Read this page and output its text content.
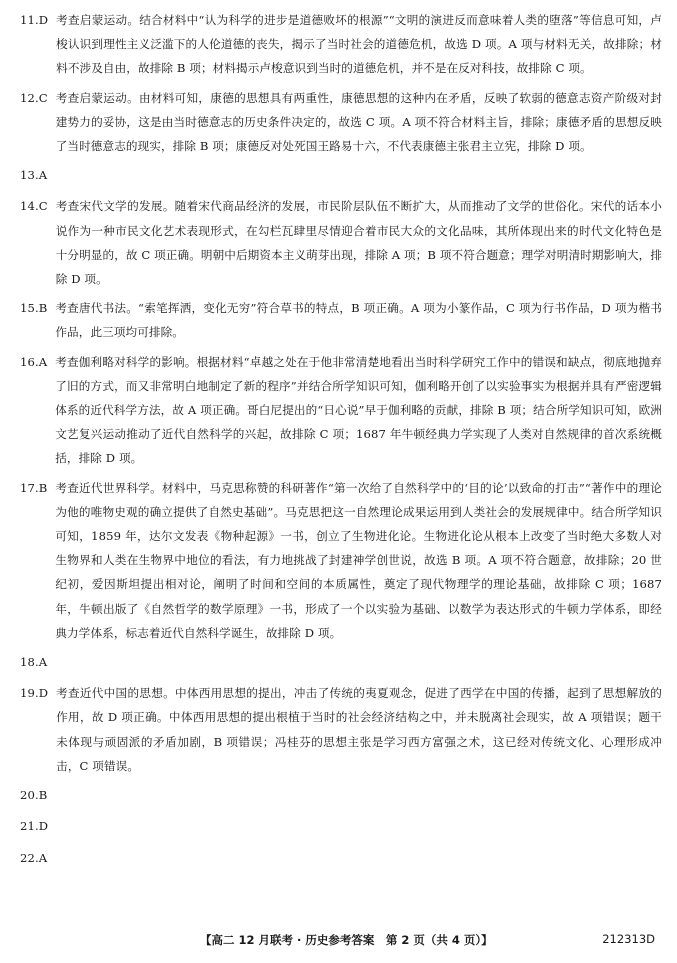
11.D 考查启蒙运动。结合材料中“认为科学的进步是道德败坏的根源”“文明的演进反而意味着人类的堕落”等信息可知，卢梭认识到理性主义泛滥下的人伦道德的丧失，揭示了当时社会的道德危机，故选 D 项。A 项与材料无关，故排除；材料不涉及自由，故排除 B 项；材料揭示卢梭意识到当时的道德危机，并不是在反对科技，故排除 C 项。
12.C 考查启蒙运动。由材料可知，康德的思想具有两重性，康德思想的这种内在矛盾，反映了软弱的德意志资产阶级对封建势力的妥协，这是由当时德意志的历史条件决定的，故选 C 项。A 项不符合材料主旨，排除；康德矛盾的思想反映了当时德意志的现实，排除 B 项；康德反对处死国王路易十六，不代表康德主张君主立宪，排除 D 项。
13.A
14.C 考查宋代文学的发展。随着宋代商品经济的发展，市民阶层队伍不断扩大，从而推动了文学的世俗化。宋代的话本小说作为一种市民文化艺术表现形式，在勾栏瓦肆里尽情迎合着市民大众的文化品味，其所体现出来的时代文化特色是十分明显的，故 C 项正确。明朝中后期资本主义萌芽出现，排除 A 项；B 项不符合题意；理学对明清时期影响大，排除 D 项。
15.B 考查唐代书法。“索笔挥洒，变化无穷”符合草书的特点，B 项正确。A 项为小篆作品，C 项为行书作品，D 项为楷书作品，此三项均可排除。
16.A 考查伽利略对科学的影响。根据材料“卓越之处在于他非常清楚地看出当时科学研究工作中的错误和缺点，彻底地抛弃了旧的方式，而又非常明白地制定了新的程序”并结合所学知识可知，伽利略开创了以实验事实为根据并具有严密逻辑体系的近代科学方法，故 A 项正确。哥白尼提出的“日心说”早于伽利略的贡献，排除 B 项；结合所学知识可知，欧洲文艺复兴运动推动了近代自然科学的兴起，故排除 C 项；1687 年牛顿经典力学实现了人类对自然规律的首次系统概括，排除 D 项。
17.B 考查近代世界科学。材料中，马克思称赞的科研著作“第一次给了自然科学中的‘目的论’以致命的打击”“著作中的理论为他的唯物史观的确立提供了自然史基础”。马克思把这一自然理论成果运用到人类社会的发展规律中。结合所学知识可知，1859 年，达尔文发表《物种起源》一书，创立了生物进化论。生物进化论从根本上改变了当时绝大多数人对生物界和人类在生物界中地位的看法，有力地挑战了封建神学创世说，故选 B 项。A 项不符合题意，故排除；20 世纪初，爱因斯坦提出相对论，阐明了时间和空间的本质属性，奠定了现代物理学的理论基础，故排除 C 项；1687 年，牛顿出版了《自然哲学的数学原理》一书，形成了一个以实验为基础、以数学为表达形式的牛顿力学体系，即经典力学体系，标志着近代自然科学诞生，故排除 D 项。
18.A
19.D 考查近代中国的思想。中体西用思想的提出，冲击了传统的夷夏观念，促进了西学在中国的传播，起到了思想解放的作用，故 D 项正确。中体西用思想的提出根植于当时的社会经济结构之中，并未脱离社会现实，故 A 项错误；题干未体现与顽固派的矛盾加剧，B 项错误；冯桂芬的思想主张是学习西方富强之术，这已经对传统文化、心理形成冲击，C 项错误。
20.B
21.D
22.A
【高二 12 月联考 · 历史参考答案　第 2 页（共 4 页）】	212313D
